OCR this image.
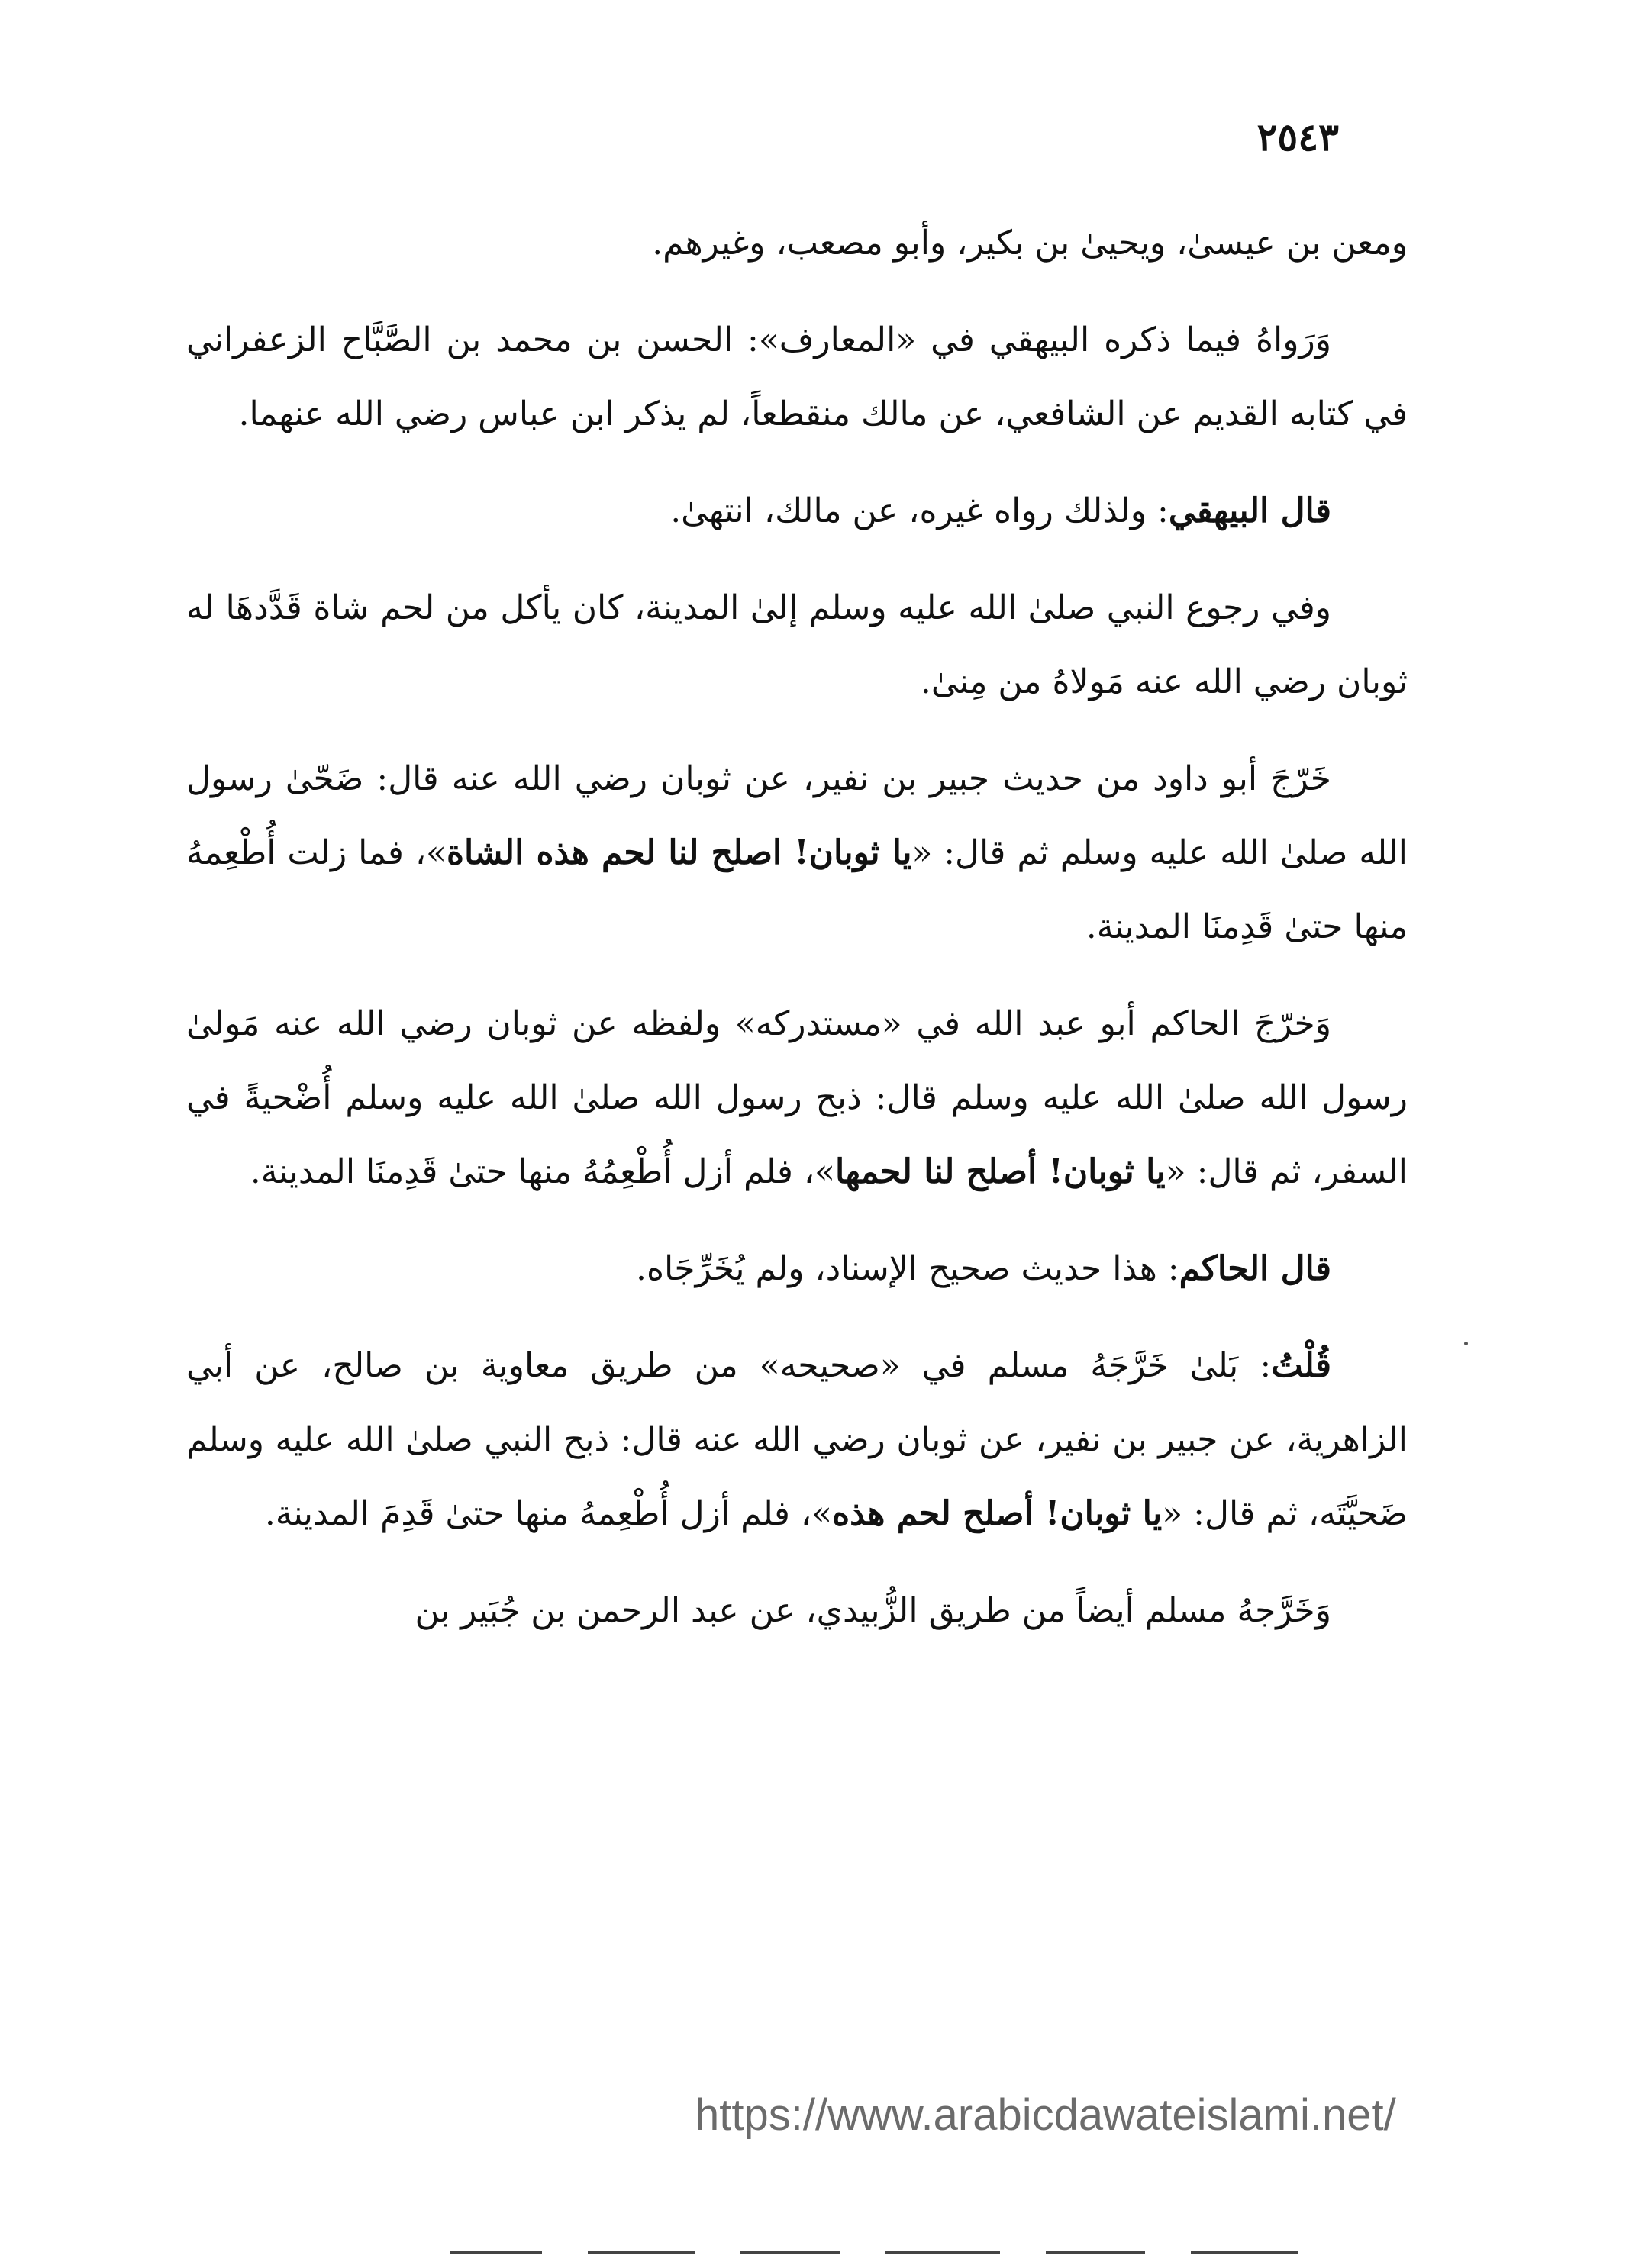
٢٥٤٣

ومعن بن عيسىٰ، ويحيىٰ بن بكير، وأبو مصعب، وغيرهم.

وَرَواهُ فيما ذكره البيهقي في «المعارف»: الحسن بن محمد بن الصَّبَّاح الزعفراني في كتابه القديم عن الشافعي، عن مالك منقطعاً، لم يذكر ابن عباس رضي الله عنهما.

قال البيهقي: ولذلك رواه غيره، عن مالك، انتهىٰ.

وفي رجوع النبي صلىٰ الله عليه وسلم إلىٰ المدينة، كان يأكل من لحم شاة قَدَّدهَا له ثوبان رضي الله عنه مَولاهُ من مِنىٰ.

خَرّجَ أبو داود من حديث جبير بن نفير، عن ثوبان رضي الله عنه قال: ضَحّىٰ رسول الله صلىٰ الله عليه وسلم ثم قال: «يا ثوبان! اصلح لنا لحم هذه الشاة»، فما زلت أُطْعِمهُ منها حتىٰ قَدِمنَا المدينة.

وَخرّجَ الحاكم أبو عبد الله في «مستدركه» ولفظه عن ثوبان رضي الله عنه مَولىٰ رسول الله صلىٰ الله عليه وسلم قال: ذبح رسول الله صلىٰ الله عليه وسلم أُضْحيةً في السفر، ثم قال: «يا ثوبان! أصلح لنا لحمها»، فلم أزل أُطْعِمُهُ منها حتىٰ قَدِمنَا المدينة.

قال الحاكم: هذا حديث صحيح الإسناد، ولم يُخَرِّجَاه.

قُلْتُ: بَلىٰ خَرَّجَهُ مسلم في «صحيحه» من طريق معاوية بن صالح، عن أبي الزاهرية، عن جبير بن نفير، عن ثوبان رضي الله عنه قال: ذبح النبي صلىٰ الله عليه وسلم ضَحيَّتَه، ثم قال: «يا ثوبان! أصلح لحم هذه»، فلم أزل أُطْعِمهُ منها حتىٰ قَدِمَ المدينة.

وَخَرَّجهُ مسلم أيضاً من طريق الزُّبيدي، عن عبد الرحمن بن جُبَير بن

https://www.arabicdawateislami.net/
